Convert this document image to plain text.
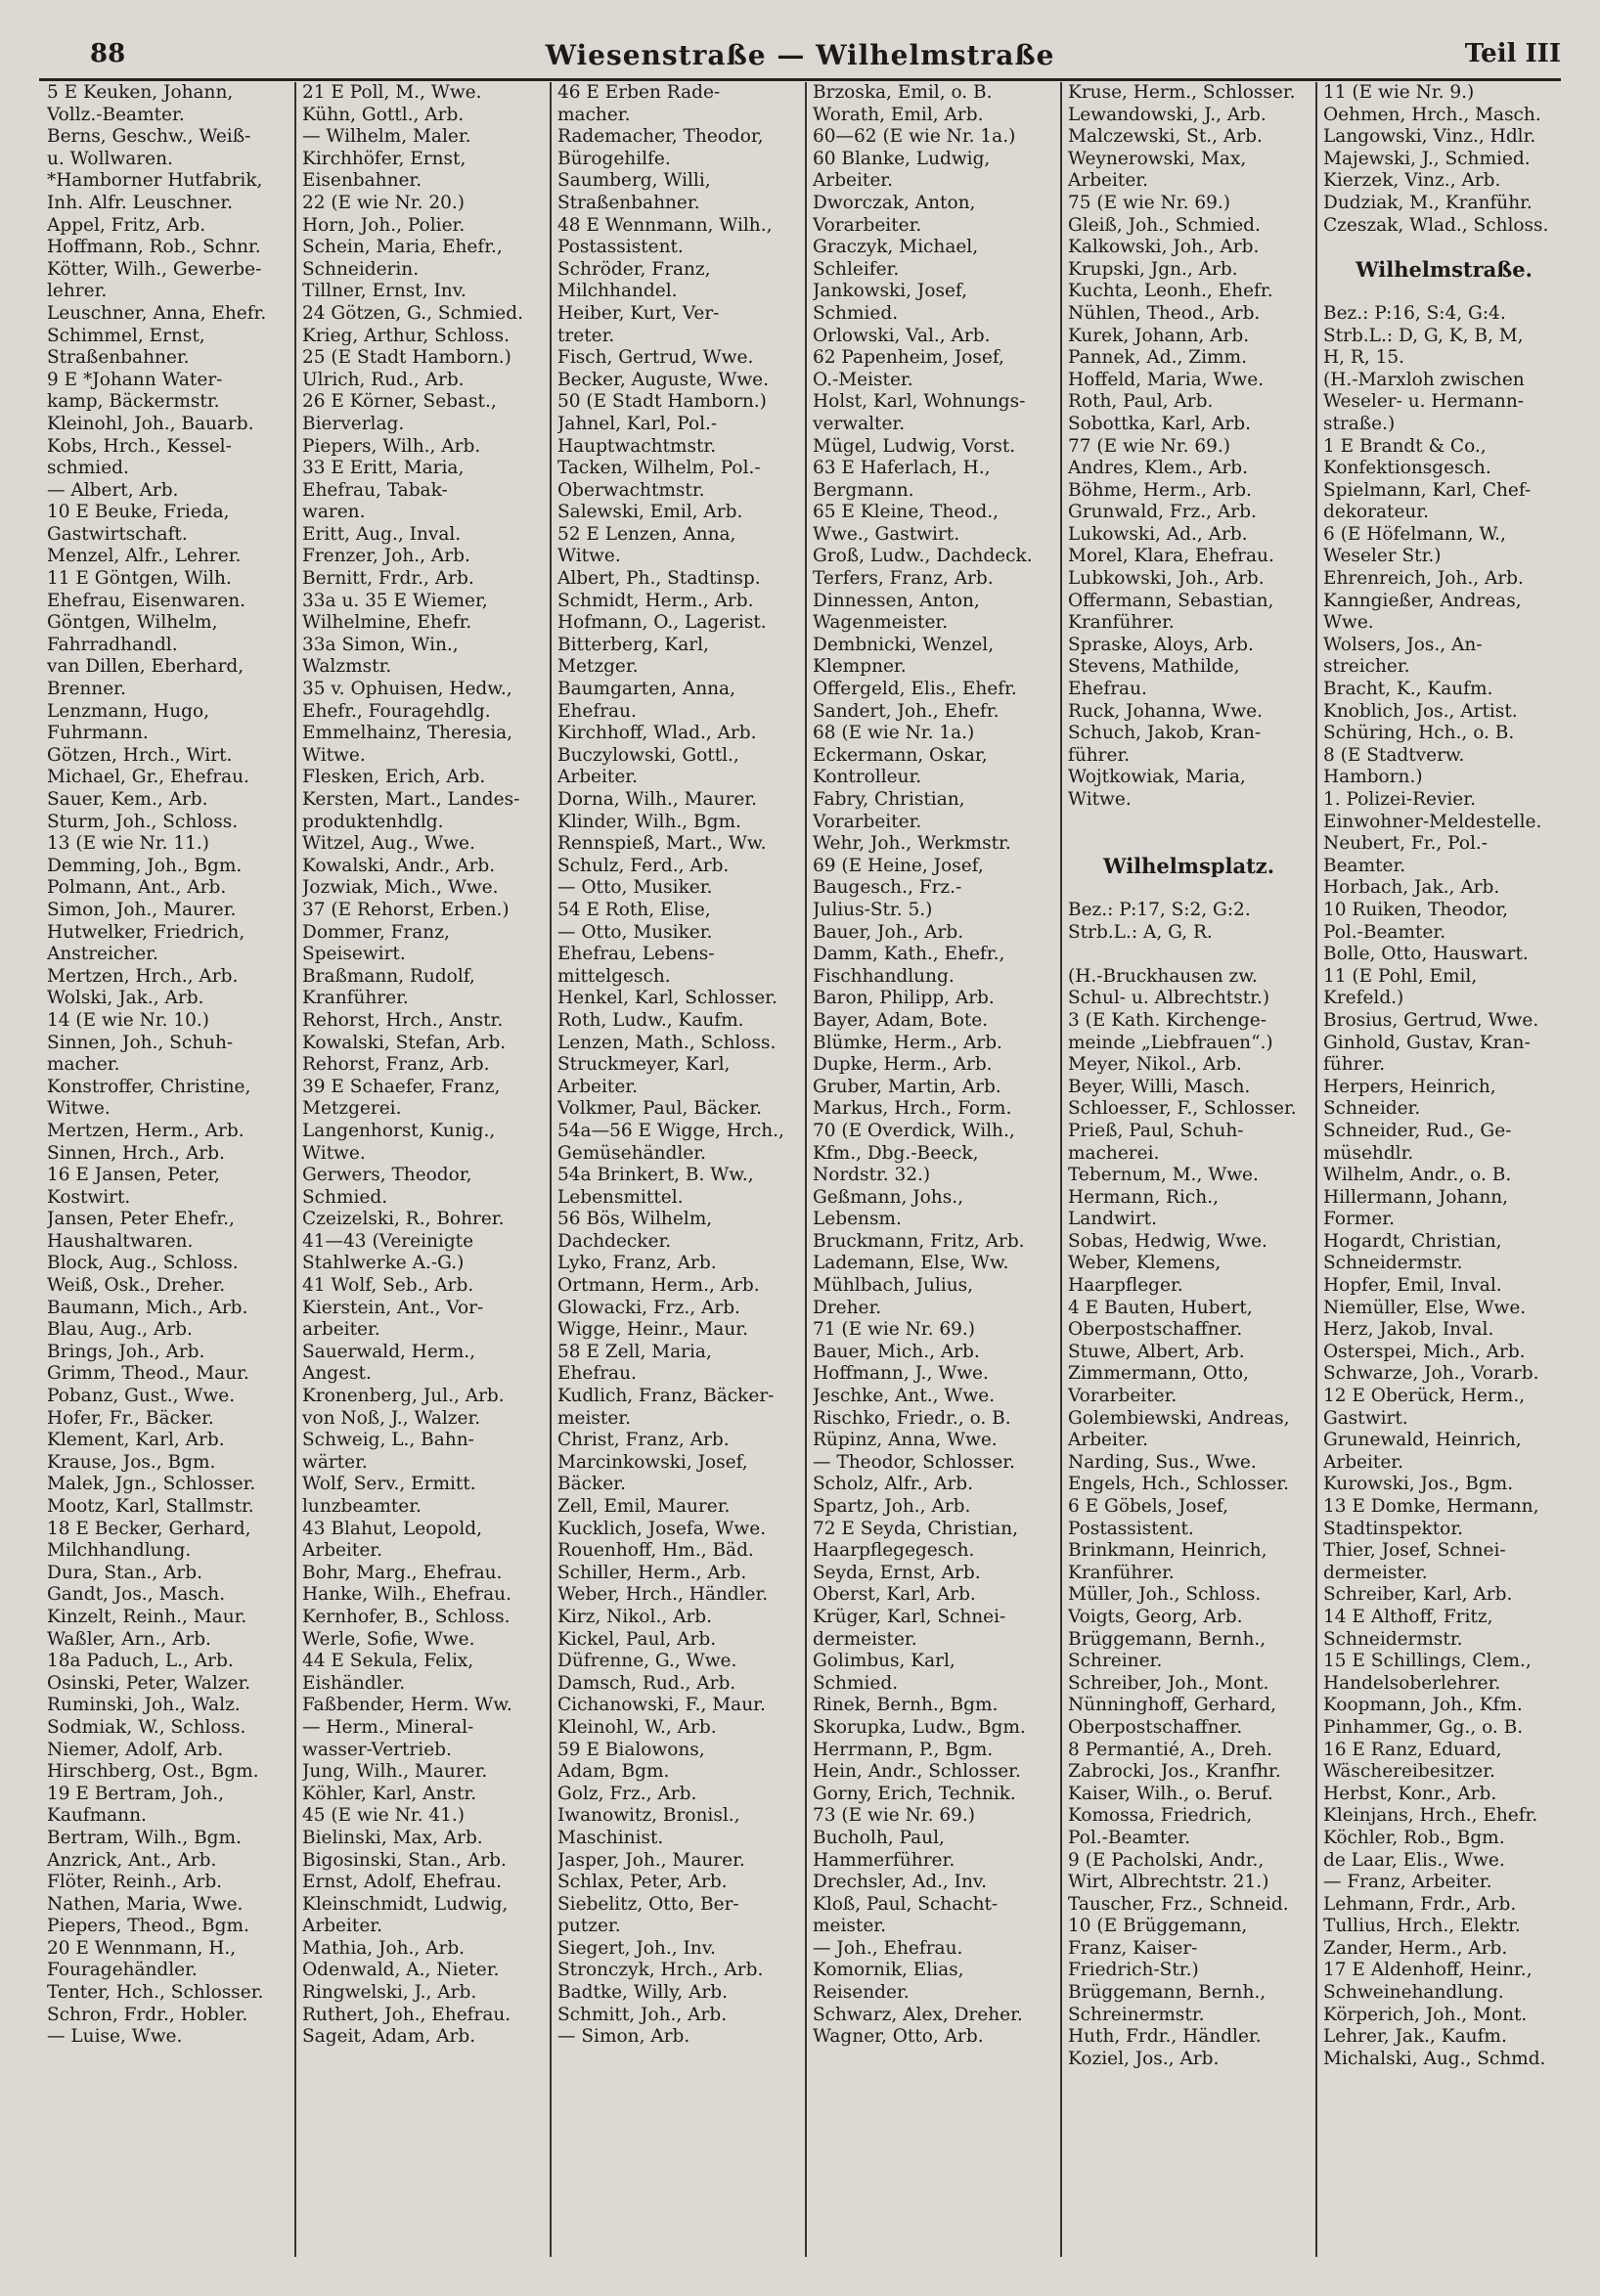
88	Wiesenstraße — Wilhelmstraße	Teil III
5 E Keuken, Johann,
Vollz.-Beamter.
Berns, Geschw., Weiß-
u. Wollwaren.
*Hamborner Hutfabrik,
Inh. Alfr. Leuschner.
Appel, Fritz, Arb.
Hoffmann, Rob., Schnr.
Kötter, Wilh., Gewerbe-
lehrer.
Leuschner, Anna, Ehefr.
Schimmel, Ernst,
Straßenbahner.
9 E *Johann Water-
kamp, Bäckermstr.
Kleinohl, Joh., Bauarb.
Kobs, Hrch., Kessel-
schmied.
— Albert, Arb.
10 E Beuke, Frieda,
Gastwirtschaft.
Menzel, Alfr., Lehrer.
11 E Göntgen, Wilh.
Ehefrau, Eisenwaren.
Göntgen, Wilhelm,
Fahrradhandl.
van Dillen, Eberhard,
Brenner.
Lenzmann, Hugo,
Fuhrmann.
Götzen, Hrch., Wirt.
Michael, Gr., Ehefrau.
Sauer, Kem., Arb.
Sturm, Joh., Schloss.
13 (E wie Nr. 11.)
Demming, Joh., Bgm.
Polmann, Ant., Arb.
Simon, Joh., Maurer.
Hutwelker, Friedrich,
Anstreicher.
Mertzen, Hrch., Arb.
Wolski, Jak., Arb.
14 (E wie Nr. 10.)
Sinnen, Joh., Schuh-
macher.
Konstroffer, Christine,
Witwe.
Mertzen, Herm., Arb.
Sinnen, Hrch., Arb.
16 E Jansen, Peter,
Kostwirt.
Jansen, Peter Ehefr.,
Haushaltwaren.
Block, Aug., Schloss.
Weiß, Osk., Dreher.
Baumann, Mich., Arb.
Blau, Aug., Arb.
Brings, Joh., Arb.
Grimm, Theod., Maur.
Pobanz, Gust., Wwe.
Hofer, Fr., Bäcker.
Klement, Karl, Arb.
Krause, Jos., Bgm.
Malek, Jgn., Schlosser.
Mootz, Karl, Stallmstr.
18 E Becker, Gerhard,
Milchhandlung.
Dura, Stan., Arb.
Gandt, Jos., Masch.
Kinzelt, Reinh., Maur.
Waßler, Arn., Arb.
18a Paduch, L., Arb.
Osinski, Peter, Walzer.
Ruminski, Joh., Walz.
Sodmiak, W., Schloss.
Niemer, Adolf, Arb.
Hirschberg, Ost., Bgm.
19 E Bertram, Joh.,
Kaufmann.
Bertram, Wilh., Bgm.
Anzrick, Ant., Arb.
Flöter, Reinh., Arb.
Nathen, Maria, Wwe.
Piepers, Theod., Bgm.
20 E Wennmann, H.,
Fouragehändler.
Tenter, Hch., Schlosser.
Schron, Frdr., Hobler.
— Luise, Wwe.
21 E Poll, M., Wwe.
Kühn, Gottl., Arb.
— Wilhelm, Maler.
Kirchhöfer, Ernst,
Eisenbahner.
22 (E wie Nr. 20.)
Horn, Joh., Polier.
Schein, Maria, Ehefr.,
Schneiderin.
Tillner, Ernst, Inv.
24 Götzen, G., Schmied.
Krieg, Arthur, Schloss.
25 (E Stadt Hamborn.)
Ulrich, Rud., Arb.
26 E Körner, Sebast.,
Bierverlag.
Piepers, Wilh., Arb.
33 E Eritt, Maria,
Ehefrau, Tabak-
waren.
Eritt, Aug., Inval.
Frenzer, Joh., Arb.
Bernitt, Frdr., Arb.
33a u. 35 E Wiemer,
Wilhelmine, Ehefr.
33a Simon, Win.,
Walzmstr.
35 v. Ophuisen, Hedw.,
Ehefr., Fouragehdlg.
Emmelhainz, Theresia,
Witwe.
Flesken, Erich, Arb.
Kersten, Mart., Landes-
produktenhdlg.
Witzel, Aug., Wwe.
Kowalski, Andr., Arb.
Jozwiak, Mich., Wwe.
37 (E Rehorst, Erben.)
Dommer, Franz,
Speisewirt.
Braßmann, Rudolf,
Kranführer.
Rehorst, Hrch., Anstr.
Kowalski, Stefan, Arb.
Rehorst, Franz, Arb.
39 E Schaefer, Franz,
Metzgerei.
Langenhorst, Kunig.,
Witwe.
Gerwers, Theodor,
Schmied.
Czeizelski, R., Bohrer.
41—43 (Vereinigte
Stahlwerke A.-G.)
41 Wolf, Seb., Arb.
Kierstein, Ant., Vor-
arbeiter.
Sauerwald, Herm.,
Angest.
Kronenberg, Jul., Arb.
von Noß, J., Walzer.
Schweig, L., Bahn-
wärter.
Wolf, Serv., Ermitt.
lunzbeamter.
43 Blahut, Leopold,
Arbeiter.
Bohr, Marg., Ehefrau.
Hanke, Wilh., Ehefrau.
Kernhofer, B., Schloss.
Werle, Sofie, Wwe.
44 E Sekula, Felix,
Eishändler.
Faßbender, Herm. Ww.
— Herm., Mineral-
wasser-Vertrieb.
Jung, Wilh., Maurer.
Köhler, Karl, Anstr.
45 (E wie Nr. 41.)
Bielinski, Max, Arb.
Bigosinski, Stan., Arb.
Ernst, Adolf, Ehefrau.
Kleinschmidt, Ludwig,
Arbeiter.
Mathia, Joh., Arb.
Odenwald, A., Nieter.
Ringwelski, J., Arb.
Ruthert, Joh., Ehefrau.
Sageit, Adam, Arb.
46 E Erben Rade-
macher.
Rademacher, Theodor,
Bürogehilfe.
Saumberg, Willi,
Straßenbahner.
48 E Wennmann, Wilh.,
Postassistent.
Schröder, Franz,
Milchhandel.
Heiber, Kurt, Ver-
treter.
Fisch, Gertrud, Wwe.
Becker, Auguste, Wwe.
50 (E Stadt Hamborn.)
Jahnel, Karl, Pol.-
Hauptwachtmstr.
Tacken, Wilhelm, Pol.-
Oberwachtmstr.
Salewski, Emil, Arb.
52 E Lenzen, Anna,
Witwe.
Albert, Ph., Stadtinsp.
Schmidt, Herm., Arb.
Hofmann, O., Lagerist.
Bitterberg, Karl,
Metzger.
Baumgarten, Anna,
Ehefrau.
Kirchhoff, Wlad., Arb.
Buczylowski, Gottl.,
Arbeiter.
Dorna, Wilh., Maurer.
Klinder, Wilh., Bgm.
Rennspieß, Mart., Ww.
Schulz, Ferd., Arb.
— Otto, Musiker.
54 E Roth, Elise,
— Otto, Musiker.
Ehefrau, Lebens-
mittelgesch.
Henkel, Karl, Schlosser.
Roth, Ludw., Kaufm.
Lenzen, Math., Schloss.
Struckmeyer, Karl,
Arbeiter.
Volkmer, Paul, Bäcker.
54a—56 E Wigge, Hrch.,
Gemüsehändler.
54a Brinkert, B. Ww.,
Lebensmittel.
56 Bös, Wilhelm,
Dachdecker.
Lyko, Franz, Arb.
Ortmann, Herm., Arb.
Glowacki, Frz., Arb.
Wigge, Heinr., Maur.
58 E Zell, Maria,
Ehefrau.
Kudlich, Franz, Bäcker-
meister.
Christ, Franz, Arb.
Marcinkowski, Josef,
Bäcker.
Zell, Emil, Maurer.
Kucklich, Josefa, Wwe.
Rouenhoff, Hm., Bäd.
Schiller, Herm., Arb.
Weber, Hrch., Händler.
Kirz, Nikol., Arb.
Kickel, Paul, Arb.
Düfrenne, G., Wwe.
Damsch, Rud., Arb.
Cichanowski, F., Maur.
Kleinohl, W., Arb.
59 E Bialowons,
Adam, Bgm.
Golz, Frz., Arb.
Iwanowitz, Bronisl.,
Maschinist.
Jasper, Joh., Maurer.
Schlax, Peter, Arb.
Siebelitz, Otto, Ber-
putzer.
Siegert, Joh., Inv.
Stronczyk, Hrch., Arb.
Badtke, Willy, Arb.
Schmitt, Joh., Arb.
— Simon, Arb.
Brzoska, Emil, o. B.
Worath, Emil, Arb.
60—62 (E wie Nr. 1a.)
60 Blanke, Ludwig,
Arbeiter.
Dworczak, Anton,
Vorarbeiter.
Graczyk, Michael,
Schleifer.
Jankowski, Josef,
Schmied.
Orlowski, Val., Arb.
62 Papenheim, Josef,
O.-Meister.
Holst, Karl, Wohnungs-
verwalter.
Mügel, Ludwig, Vorst.
63 E Haferlach, H.,
Bergmann.
65 E Kleine, Theod.,
Wwe., Gastwirt.
Groß, Ludw., Dachdeck.
Terfers, Franz, Arb.
Dinnessen, Anton,
Wagenmeister.
Dembnicki, Wenzel,
Klempner.
Offergeld, Elis., Ehefr.
Sandert, Joh., Ehefr.
68 (E wie Nr. 1a.)
Eckermann, Oskar,
Kontrolleur.
Fabry, Christian,
Vorarbeiter.
Wehr, Joh., Werkmstr.
69 (E Heine, Josef,
Baugesch., Frz.-
Julius-Str. 5.)
Bauer, Joh., Arb.
Damm, Kath., Ehefr.,
Fischhandlung.
Baron, Philipp, Arb.
Bayer, Adam, Bote.
Blümke, Herm., Arb.
Dupke, Herm., Arb.
Gruber, Martin, Arb.
Markus, Hrch., Form.
70 (E Overdick, Wilh.,
Kfm., Dbg.-Beeck,
Nordstr. 32.)
Geßmann, Johs.,
Lebensm.
Bruckmann, Fritz, Arb.
Lademann, Else, Ww.
Mühlbach, Julius,
Dreher.
71 (E wie Nr. 69.)
Bauer, Mich., Arb.
Hoffmann, J., Wwe.
Jeschke, Ant., Wwe.
Rischko, Friedr., o. B.
Rüpinz, Anna, Wwe.
— Theodor, Schlosser.
Scholz, Alfr., Arb.
Spartz, Joh., Arb.
72 E Seyda, Christian,
Haarpflegegesch.
Seyda, Ernst, Arb.
Oberst, Karl, Arb.
Krüger, Karl, Schnei-
dermeister.
Golimbus, Karl,
Schmied.
Rinek, Bernh., Bgm.
Skorupka, Ludw., Bgm.
Herrmann, P., Bgm.
Hein, Andr., Schlosser.
Gorny, Erich, Technik.
73 (E wie Nr. 69.)
Bucholh, Paul,
Hammerführer.
Drechsler, Ad., Inv.
Kloß, Paul, Schacht-
meister.
— Joh., Ehefrau.
Komornik, Elias,
Reisender.
Schwarz, Alex, Dreher.
Wagner, Otto, Arb.
Kruse, Herm., Schlosser.
Lewandowski, J., Arb.
Malczewski, St., Arb.
Weynerowski, Max,
Arbeiter.
75 (E wie Nr. 69.)
Gleiß, Joh., Schmied.
Kalkowski, Joh., Arb.
Krupski, Jgn., Arb.
Kuchta, Leonh., Ehefr.
Nühlen, Theod., Arb.
Kurek, Johann, Arb.
Pannek, Ad., Zimm.
Hoffeld, Maria, Wwe.
Roth, Paul, Arb.
Sobottka, Karl, Arb.
77 (E wie Nr. 69.)
Andres, Klem., Arb.
Böhme, Herm., Arb.
Grunwald, Frz., Arb.
Lukowski, Ad., Arb.
Morel, Klara, Ehefrau.
Lubkowski, Joh., Arb.
Offermann, Sebastian,
Kranführer.
Spraske, Aloys, Arb.
Stevens, Mathilde,
Ehefrau.
Ruck, Johanna, Wwe.
Schuch, Jakob, Kran-
führer.
Wojtkowiak, Maria,
Witwe.
Wilhelmsplatz.
Bez.: P:17, S:2, G:2.
Strb.L.: A, G, R.
(H.-Bruckhausen zw.
Schul- u. Albrechtstr.)
3 (E Kath. Kirchenge-
meinde „Liebfrauen“.)
Meyer, Nikol., Arb.
Beyer, Willi, Masch.
Schloesser, F., Schlosser.
Prieß, Paul, Schuh-
macherei.
Tebernum, M., Wwe.
Hermann, Rich.,
Landwirt.
Sobas, Hedwig, Wwe.
Weber, Klemens,
Haarpfleger.
4 E Bauten, Hubert,
Oberpostschaffner.
Stuwe, Albert, Arb.
Zimmermann, Otto,
Vorarbeiter.
Golembiewski, Andreas,
Arbeiter.
Narding, Sus., Wwe.
Engels, Hch., Schlosser.
6 E Göbels, Josef,
Postassistent.
Brinkmann, Heinrich,
Kranführer.
Müller, Joh., Schloss.
Voigts, Georg, Arb.
Brüggemann, Bernh.,
Schreiner.
Schreiber, Joh., Mont.
Nünninghoff, Gerhard,
Oberpostschaffner.
8 Permantié, A., Dreh.
Zabrocki, Jos., Kranfhr.
Kaiser, Wilh., o. Beruf.
Komossa, Friedrich,
Pol.-Beamter.
9 (E Pacholski, Andr.,
Wirt, Albrechtstr. 21.)
Tauscher, Frz., Schneid.
10 (E Brüggemann,
Franz, Kaiser-
Friedrich-Str.)
Brüggemann, Bernh.,
Schreinermstr.
Huth, Frdr., Händler.
Koziel, Jos., Arb.
11 (E wie Nr. 9.)
Oehmen, Hrch., Masch.
Langowski, Vinz., Hdlr.
Majewski, J., Schmied.
Kierzek, Vinz., Arb.
Dudziak, M., Kranführ.
Czeszak, Wlad., Schloss.
Wilhelmstraße.
Bez.: P:16, S:4, G:4.
Strb.L.: D, G, K, B, M,
H, R, 15.
(H.-Marxloh zwischen
Weseler- u. Hermann-
straße.)
1 E Brandt & Co.,
Konfektionsgesch.
Spielmann, Karl, Chef-
dekorateur.
6 (E Höfelmann, W.,
Weseler Str.)
Ehrenreich, Joh., Arb.
Kanngießer, Andreas,
Wwe.
Wolsers, Jos., An-
streicher.
Bracht, K., Kaufm.
Knoblich, Jos., Artist.
Schüring, Hch., o. B.
8 (E Stadtverw.
Hamborn.)
1. Polizei-Revier.
Einwohner-Meldestelle.
Neubert, Fr., Pol.-
Beamter.
Horbach, Jak., Arb.
10 Ruiken, Theodor,
Pol.-Beamter.
Bolle, Otto, Hauswart.
11 (E Pohl, Emil,
Krefeld.)
Brosius, Gertrud, Wwe.
Ginhold, Gustav, Kran-
führer.
Herpers, Heinrich,
Schneider.
Schneider, Rud., Ge-
müsehdlr.
Wilhelm, Andr., o. B.
Hillermann, Johann,
Former.
Hogardt, Christian,
Schneidermstr.
Hopfer, Emil, Inval.
Niemüller, Else, Wwe.
Herz, Jakob, Inval.
Osterspei, Mich., Arb.
Schwarze, Joh., Vorarb.
12 E Oberück, Herm.,
Gastwirt.
Grunewald, Heinrich,
Arbeiter.
Kurowski, Jos., Bgm.
13 E Domke, Hermann,
Stadtinspektor.
Thier, Josef, Schnei-
dermeister.
Schreiber, Karl, Arb.
14 E Althoff, Fritz,
Schneidermstr.
15 E Schillings, Clem.,
Handelsoberlehrer.
Koopmann, Joh., Kfm.
Pinhammer, Gg., o. B.
16 E Ranz, Eduard,
Wäschereibesitzer.
Herbst, Konr., Arb.
Kleinjans, Hrch., Ehefr.
Köchler, Rob., Bgm.
de Laar, Elis., Wwe.
— Franz, Arbeiter.
Lehmann, Frdr., Arb.
Tullius, Hrch., Elektr.
Zander, Herm., Arb.
17 E Aldenhoff, Heinr.,
Schweinehandlung.
Körperich, Joh., Mont.
Lehrer, Jak., Kaufm.
Michalski, Aug., Schmd.
